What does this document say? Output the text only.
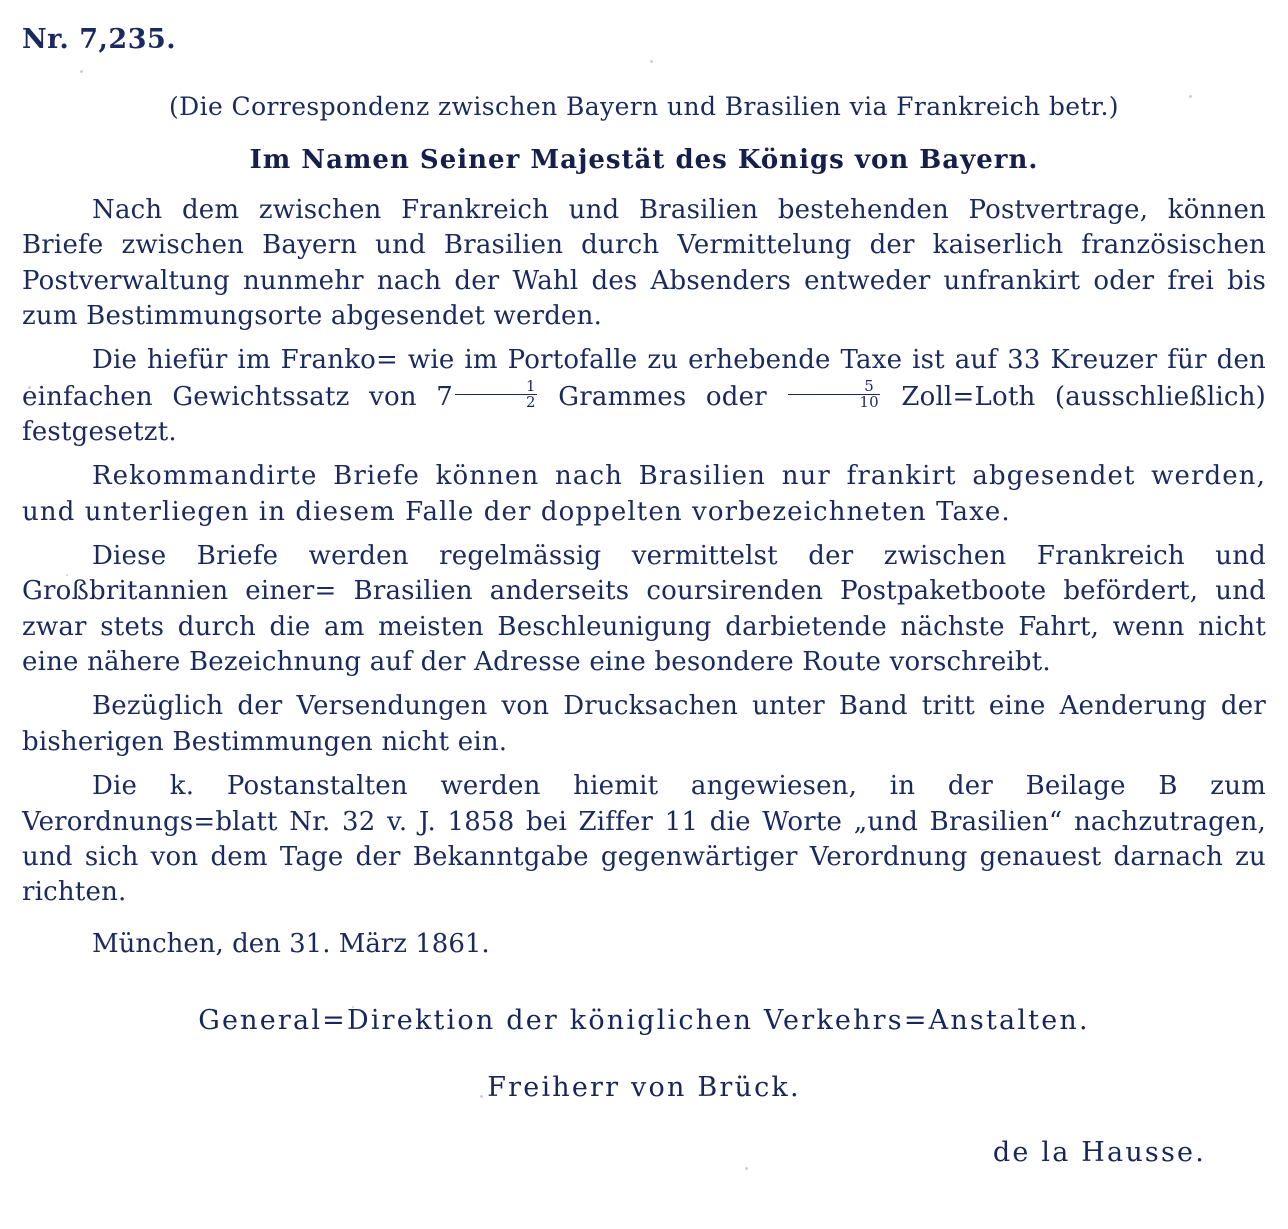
Nr. 7,235.
(Die Correspondenz zwischen Bayern und Brasilien via Frankreich betr.)
Im Namen Seiner Majestät des Königs von Bayern.

Nach dem zwischen Frankreich und Brasilien bestehenden Postvertrage, können Briefe zwischen Bayern und Brasilien durch Vermittelung der kaiserlich französischen Postverwaltung nunmehr nach der Wahl des Absenders entweder unfrankirt oder frei bis zum Bestimmungsorte abgesendet werden.

Die hiefür im Franko= wie im Portofalle zu erhebende Taxe ist auf 33 Kreuzer für den einfachen Gewichtssatz von $7 \frac{1}{2}$ Grammes oder $\frac{5}{10}$ Zoll=Loth (ausschließlich) festgesetzt.

Rekommandirte Briefe können nach Brasilien nur frankirt abgesendet werden, und unterliegen in diesem Falle der doppelten vorbezeichneten Taxe.

Diese Briefe werden regelmässig vermittelst der zwischen Frankreich und Großbritannien einer= Brasilien anderseits coursirenden Postpaketboote befördert, und zwar stets durch die am meisten Beschleunigung darbietende nächste Fahrt, wenn nicht eine nähere Bezeichnung auf der Adresse eine besondere Route vorschreibt.

Bezüglich der Versendungen von Drucksachen unter Band tritt eine Aenderung der bisherigen Bestimmungen nicht ein.

Die k. Postanstalten werden hiemit angewiesen, in der Beilage B zum Verordnungs=blatt Nr. 32 v. J. 1858 bei Ziffer 11 die Worte „und Brasilien“ nachzutragen, und sich von dem Tage der Bekanntgabe gegenwärtiger Verordnung genauest darnach zu richten.

München, den 31. März 1861.
General=Direktion der königlichen Verkehrs=Anstalten.
Freiherr von Brück.
de la Hausse.
